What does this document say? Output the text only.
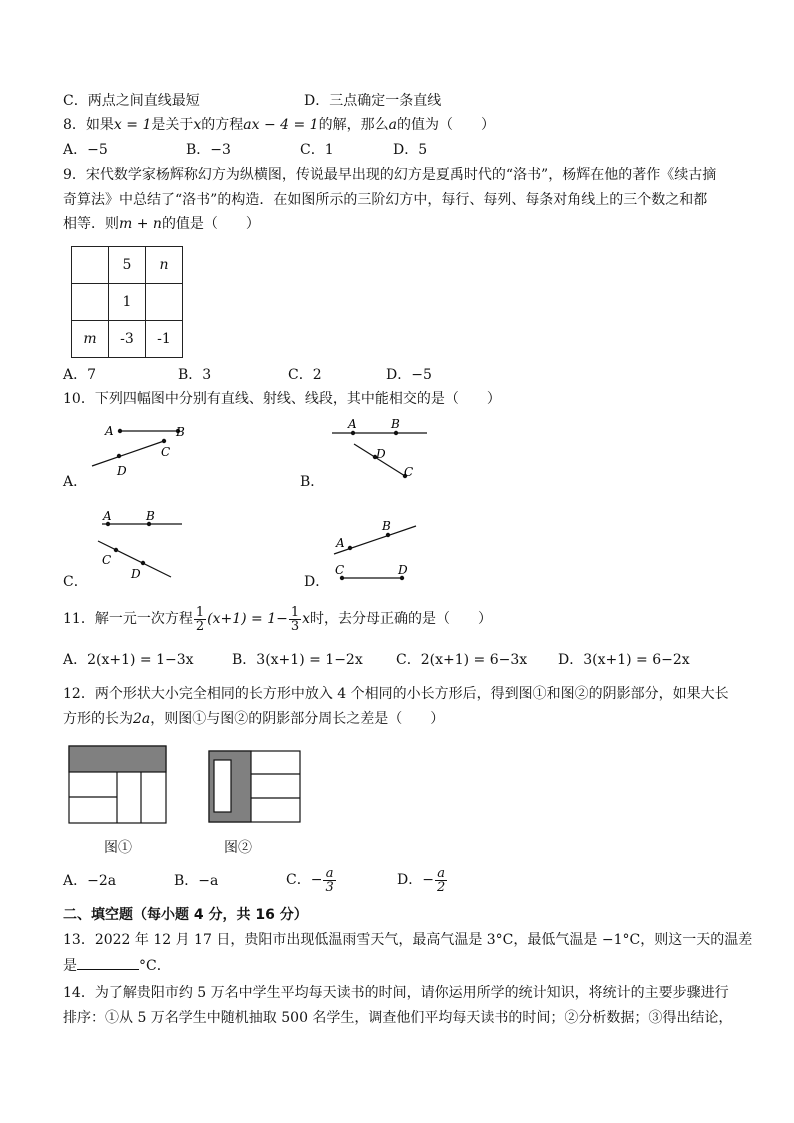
C．两点之间直线最短	D．三点确定一条直线
8．如果x = 1是关于x的方程ax − 4 = 1的解，那么a的值为（　　）
A．−5	B．−3	C．1	D．5
9．宋代数学家杨辉称幻方为纵横图，传说最早出现的幻方是夏禹时代的“洛书”，杨辉在他的著作《续古摘
奇算法》中总结了“洛书”的构造．在如图所示的三阶幻方中，每行、每列、每条对角线上的三个数之和都
相等．则m + n的值是（　　）
	5	n
	1	
m	-3	-1
A．7	B．3	C．2	D．−5
10．下列四幅图中分别有直线、射线、线段，其中能相交的是（　　）
A．
A	B
C
D
B．
A	B
D
C
C．
A	B
C
D	D．
A
B
C	D
11．解一元一次方程 $\frac{1}{2} (x+1) = 1- \frac{1}{3}$ x时，去分母正确的是（　　）
A．2(x+1) = 1−3x	B．3(x+1) = 1−2x C．2(x+1) = 6−3x D．3(x+1) = 6−2x
12．两个形状大小完全相同的长方形中放入 4 个相同的小长方形后，得到图①和图②的阴影部分，如果大长
方形的长为2a，则图①与图②的阴影部分周长之差是（　　）
图①	图②
A．−2a	B．−a	C．− $\frac{a}{3}$	D．− $\frac{a}{2}$
二、填空题（每小题 4 分，共 16 分）
13．2022 年 12 月 17 日，贵阳市出现低温雨雪天气，最高气温是 3°C，最低气温是 −1°C，则这一天的温差
是	°C．
14．为了解贵阳市约 5 万名中学生平均每天读书的时间，请你运用所学的统计知识，将统计的主要步骤进行
排序：①从 5 万名学生中随机抽取 500 名学生，调查他们平均每天读书的时间；②分析数据；③得出结论，
